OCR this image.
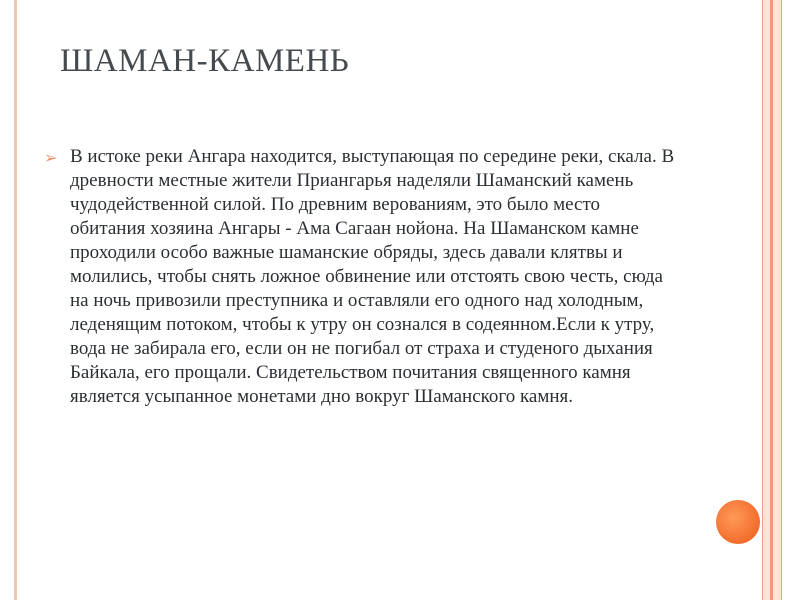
ШАМАН-КАМЕНЬ
➢ В истоке реки Ангара находится, выступающая по середине реки, скала. В древности местные жители Приангарья наделяли Шаманский камень чудодейственной силой. По древним верованиям, это было место обитания хозяина Ангары - Ама Сагаан нойона. На Шаманском камне проходили особо важные шаманские обряды, здесь давали клятвы и молились, чтобы снять ложное обвинение или отстоять свою честь, сюда на ночь привозили преступника и оставляли его одного над холодным, леденящим потоком, чтобы к утру он сознался в содеянном.Если к утру, вода не забирала его, если он не погибал от страха и студеного дыхания Байкала, его прощали. Свидетельством почитания священного камня является усыпанное монетами дно вокруг Шаманского камня.
